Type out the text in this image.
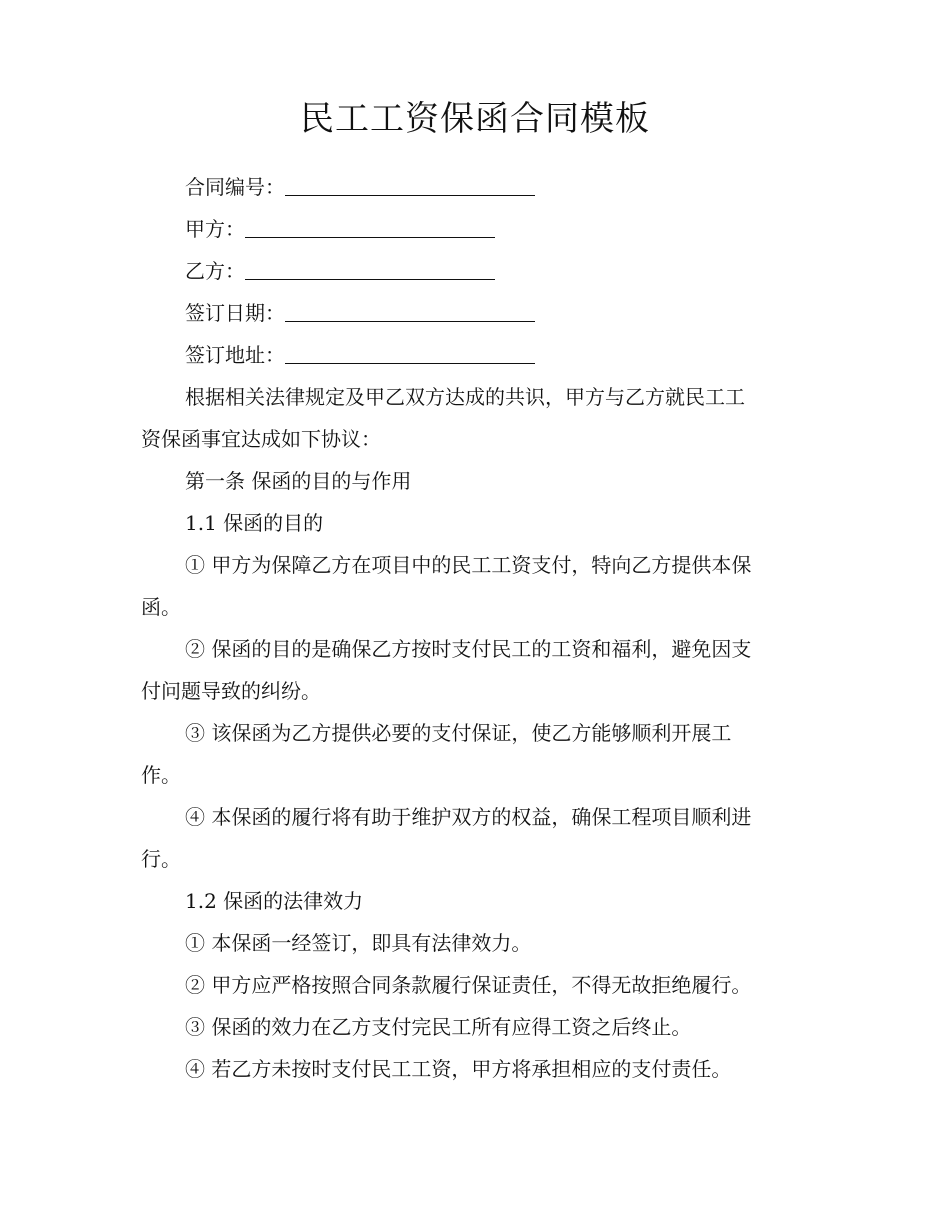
民工工资保函合同模板

合同编号：

甲方：

乙方：

签订日期：

签订地址：

根据相关法律规定及甲乙双方达成的共识，甲方与乙方就民工工

资保函事宜达成如下协议：

第一条 保函的目的与作用

1.1 保函的目的

① 甲方为保障乙方在项目中的民工工资支付，特向乙方提供本保

函。

② 保函的目的是确保乙方按时支付民工的工资和福利，避免因支

付问题导致的纠纷。

③ 该保函为乙方提供必要的支付保证，使乙方能够顺利开展工

作。

④ 本保函的履行将有助于维护双方的权益，确保工程项目顺利进

行。

1.2 保函的法律效力

① 本保函一经签订，即具有法律效力。

② 甲方应严格按照合同条款履行保证责任，不得无故拒绝履行。

③ 保函的效力在乙方支付完民工所有应得工资之后终止。

④ 若乙方未按时支付民工工资，甲方将承担相应的支付责任。
